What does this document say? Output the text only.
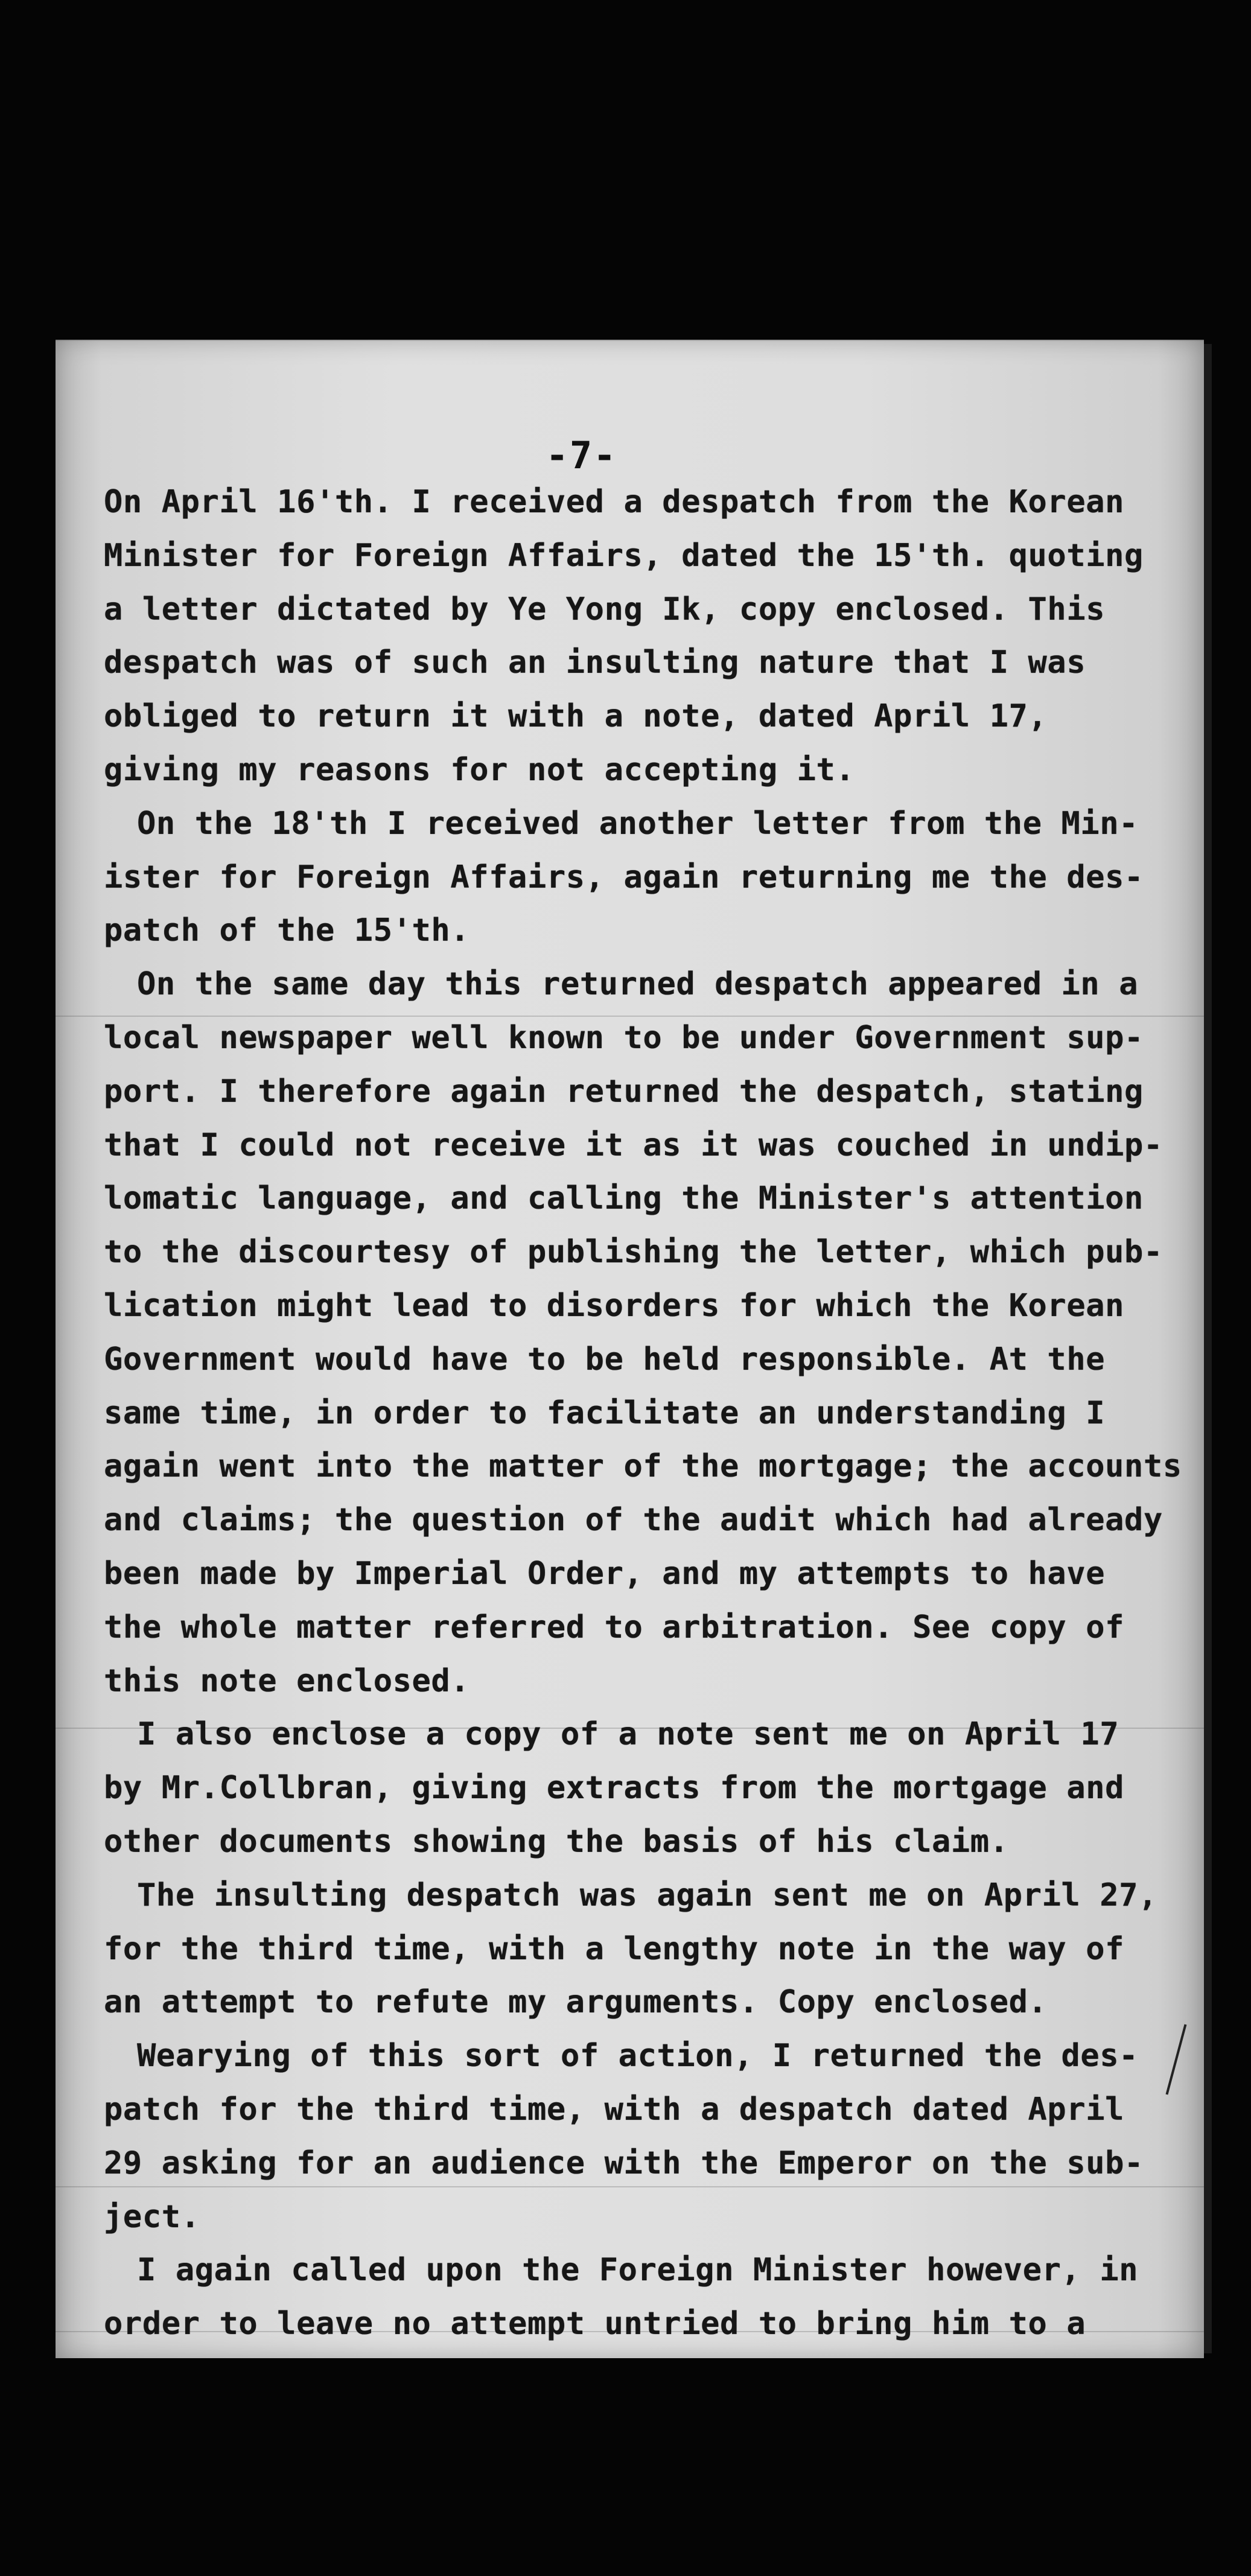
-7-
On April 16'th. I received a despatch from the Korean
Minister for Foreign Affairs, dated the 15'th. quoting
a letter dictated by Ye Yong Ik, copy enclosed. This
despatch was of such an insulting nature that I was
obliged to return it with a note, dated April 17,
giving my reasons for not accepting it.
On the 18'th I received another letter from the Min-
ister for Foreign Affairs, again returning me the des-
patch of the 15'th.
On the same day this returned despatch appeared in a
local newspaper well known to be under Government sup-
port. I therefore again returned the despatch, stating
that I could not receive it as it was couched in undip-
lomatic language, and calling the Minister's attention
to the discourtesy of publishing the letter, which pub-
lication might lead to disorders for which the Korean
Government would have to be held responsible. At the
same time, in order to facilitate an understanding I
again went into the matter of the mortgage; the accounts
and claims; the question of the audit which had already
been made by Imperial Order, and my attempts to have
the whole matter referred to arbitration. See copy of
this note enclosed.
I also enclose a copy of a note sent me on April 17
by Mr.Collbran, giving extracts from the mortgage and
other documents showing the basis of his claim.
The insulting despatch was again sent me on April 27,
for the third time, with a lengthy note in the way of
an attempt to refute my arguments. Copy enclosed.
Wearying of this sort of action, I returned the des-
patch for the third time, with a despatch dated April
29 asking for an audience with the Emperor on the sub-
ject.
I again called upon the Foreign Minister however, in
order to leave no attempt untried to bring him to a
